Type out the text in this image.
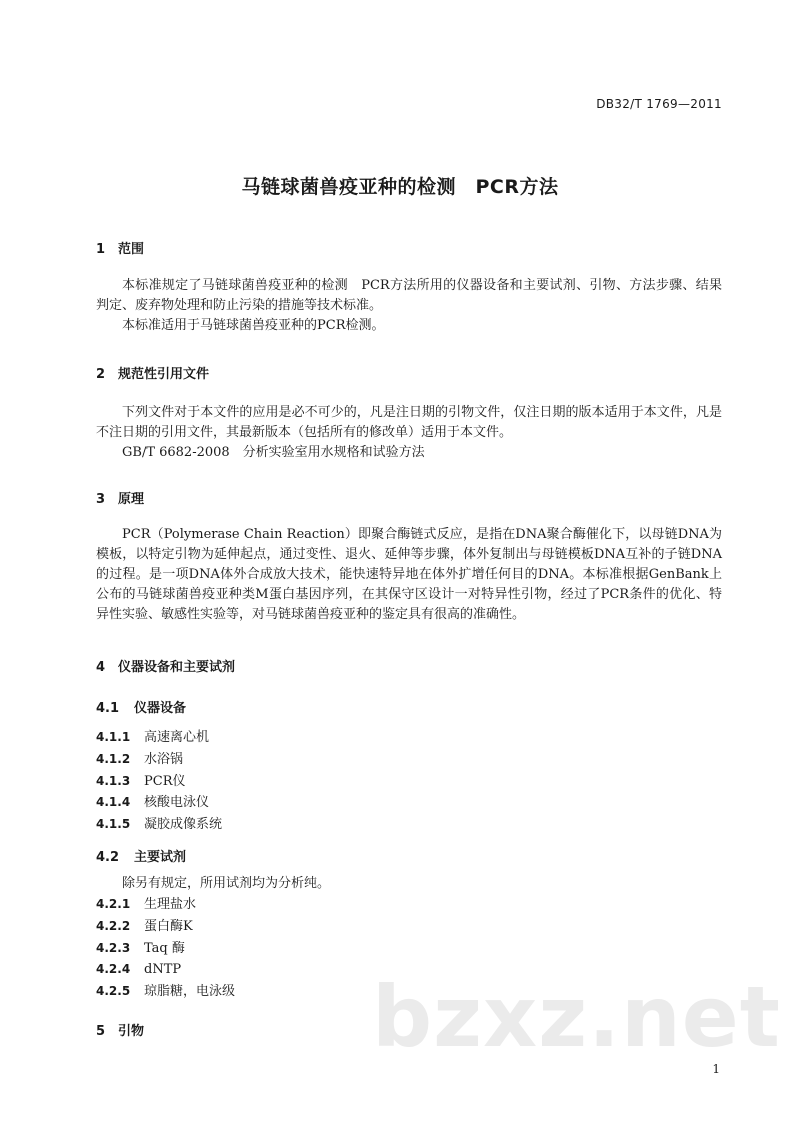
DB32/T 1769—2011
马链球菌兽疫亚种的检测　PCR方法
1 范围

本标准规定了马链球菌兽疫亚种的检测　PCR方法所用的仪器设备和主要试剂、引物、方法步骤、结果判定、废弃物处理和防止污染的措施等技术标准。

本标准适用于马链球菌兽疫亚种的PCR检测。

2 规范性引用文件

下列文件对于本文件的应用是必不可少的，凡是注日期的引物文件，仅注日期的版本适用于本文件，凡是不注日期的引用文件，其最新版本（包括所有的修改单）适用于本文件。

GB/T 6682-2008　分析实验室用水规格和试验方法

3 原理

PCR（Polymerase Chain Reaction）即聚合酶链式反应，是指在DNA聚合酶催化下，以母链DNA为模板，以特定引物为延伸起点，通过变性、退火、延伸等步骤，体外复制出与母链模板DNA互补的子链DNA的过程。是一项DNA体外合成放大技术，能快速特异地在体外扩增任何目的DNA。本标准根据GenBank上公布的马链球菌兽疫亚种类M蛋白基因序列，在其保守区设计一对特异性引物，经过了PCR条件的优化、特异性实验、敏感性实验等，对马链球菌兽疫亚种的鉴定具有很高的准确性。

4 仪器设备和主要试剂
4.1 仪器设备
4.1.1 高速离心机
4.1.2 水浴锅
4.1.3 PCR仪
4.1.4 核酸电泳仪
4.1.5 凝胶成像系统
4.2 主要试剂

除另有规定，所用试剂均为分析纯。

4.2.1 生理盐水
4.2.2 蛋白酶K
4.2.3 Taq 酶
4.2.4 dNTP
4.2.5 琼脂糖，电泳级
5 引物	bzxz.net
1
